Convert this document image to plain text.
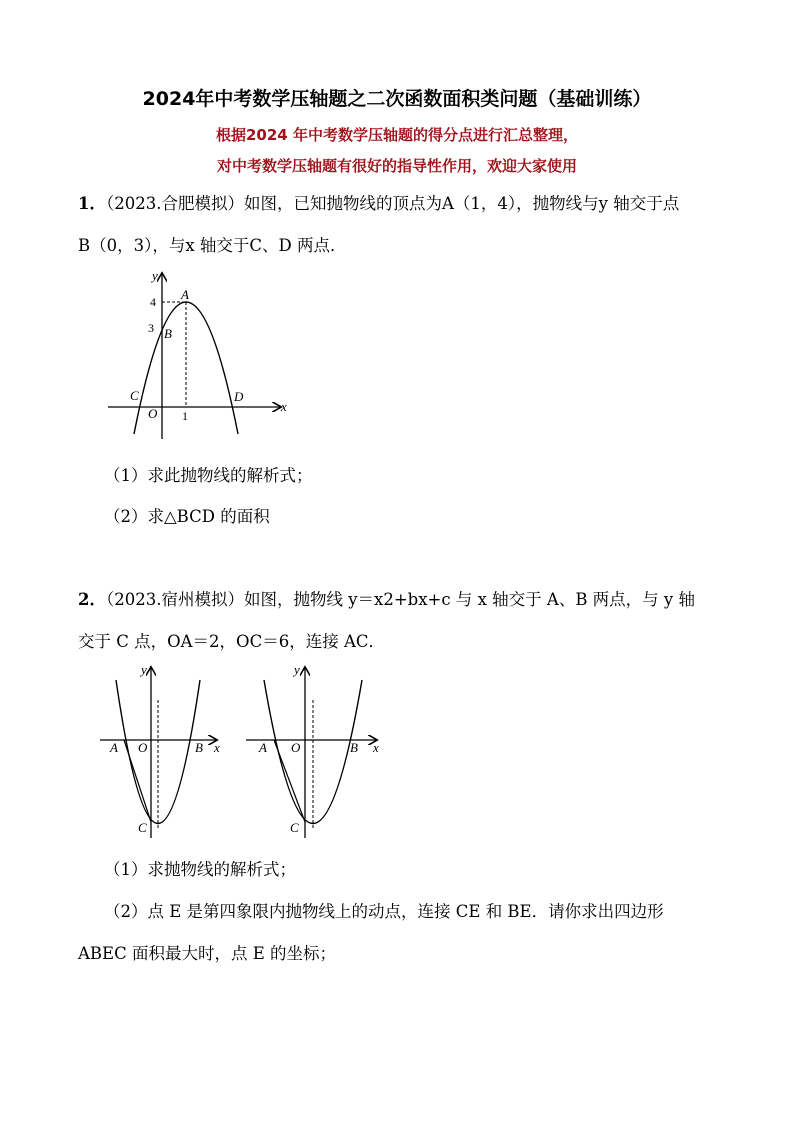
2024年中考数学压轴题之二次函数面积类问题（基础训练）
根据2024 年中考数学压轴题的得分点进行汇总整理，
对中考数学压轴题有很好的指导性作用，欢迎大家使用
1．（2023.合肥模拟）如图，已知抛物线的顶点为A（1，4），抛物线与y 轴交于点
B（0，3），与x 轴交于C、D 两点．
y
x
A
B
C	D
O
4
3
1
（1）求此抛物线的解析式；
（2）求△BCD 的面积
2．（2023.宿州模拟）如图，抛物线 y＝x2+bx+c 与 x 轴交于 A、B 两点，与 y 轴
交于 C 点，OA＝2，OC＝6，连接 AC．
y
x
A O	B
C
y
x
A O	B
C
（1）求抛物线的解析式；
（2）点 E 是第四象限内抛物线上的动点，连接 CE 和 BE．请你求出四边形
ABEC 面积最大时，点 E 的坐标；
